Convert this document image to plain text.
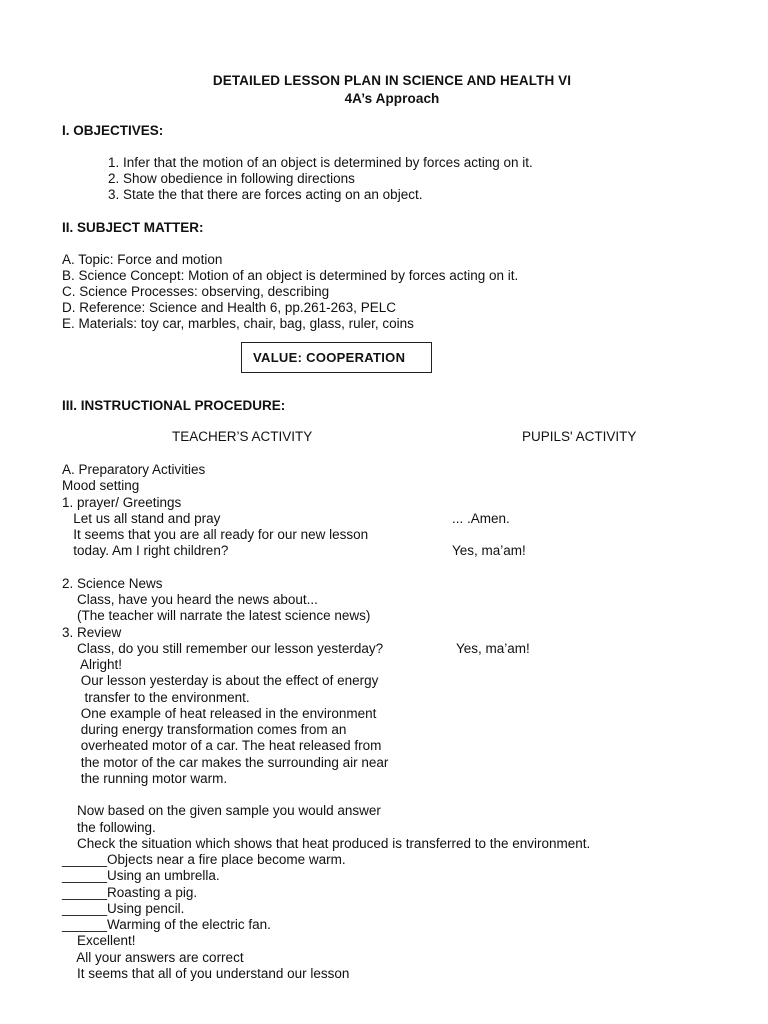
DETAILED LESSON PLAN IN SCIENCE AND HEALTH VI
4A’s Approach
I. OBJECTIVES:
1. Infer that the motion of an object is determined by forces acting on it.
2. Show obedience in following directions
3. State the that there are forces acting on an object.
II. SUBJECT MATTER:
A. Topic: Force and motion
B. Science Concept: Motion of an object is determined by forces acting on it.
C. Science Processes: observing, describing
D. Reference: Science and Health 6, pp.261-263, PELC
E. Materials: toy car, marbles, chair, bag, glass, ruler, coins
VALUE: COOPERATION
III. INSTRUCTIONAL PROCEDURE:
TEACHER’S ACTIVITY	PUPILS' ACTIVITY
A. Preparatory Activities
Mood setting
1. prayer/ Greetings
Let us all stand and pray
It seems that you are all ready for our new lesson
today. Am I right children?
2. Science News
Class, have you heard the news about...
(The teacher will narrate the latest science news)
3. Review
Class, do you still remember our lesson yesterday?
Alright!
Our lesson yesterday is about the effect of energy
transfer to the environment.
One example of heat released in the environment
during energy transformation comes from an
overheated motor of a car. The heat released from
the motor of the car makes the surrounding air near
the running motor warm.
Now based on the given sample you would answer
the following.
Check the situation which shows that heat produced is transferred to the environment.
______Objects near a fire place become warm.
______Using an umbrella.
______Roasting a pig.
______Using pencil.
______Warming of the electric fan.
Excellent!
All your answers are correct
It seems that all of you understand our lesson
... .Amen.
Yes, ma’am!
Yes, ma’am!
